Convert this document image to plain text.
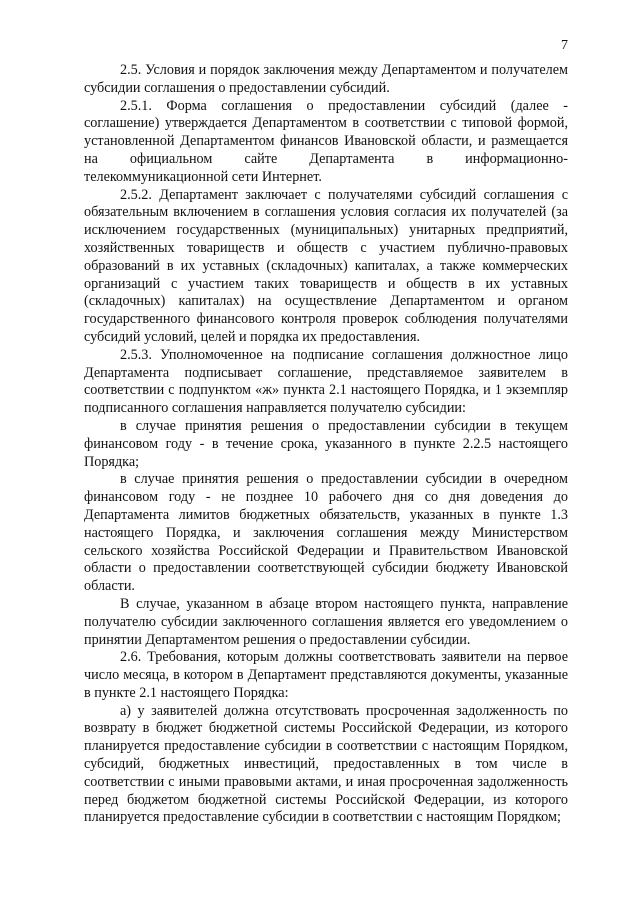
7

2.5. Условия и порядок заключения между Департаментом и получателем субсидии соглашения о предоставлении субсидий.

2.5.1. Форма соглашения о предоставлении субсидий (далее - соглашение) утверждается Департаментом в соответствии с типовой формой, установленной Департаментом финансов Ивановской области, и размещается на официальном сайте Департамента в информационно-телекоммуникационной сети Интернет.

2.5.2. Департамент заключает с получателями субсидий соглашения с обязательным включением в соглашения условия согласия их получателей (за исключением государственных (муниципальных) унитарных предприятий, хозяйственных товариществ и обществ с участием публично-правовых образований в их уставных (складочных) капиталах, а также коммерческих организаций с участием таких товариществ и обществ в их уставных (складочных) капиталах) на осуществление Департаментом и органом государственного финансового контроля проверок соблюдения получателями субсидий условий, целей и порядка их предоставления.

2.5.3. Уполномоченное на подписание соглашения должностное лицо Департамента подписывает соглашение, представляемое заявителем в соответствии с подпунктом «ж» пункта 2.1 настоящего Порядка, и 1 экземпляр подписанного соглашения направляется получателю субсидии:

в случае принятия решения о предоставлении субсидии в текущем финансовом году - в течение срока, указанного в пункте 2.2.5 настоящего Порядка;

в случае принятия решения о предоставлении субсидии в очередном финансовом году - не позднее 10 рабочего дня со дня доведения до Департамента лимитов бюджетных обязательств, указанных в пункте 1.3 настоящего Порядка, и заключения соглашения между Министерством сельского хозяйства Российской Федерации и Правительством Ивановской области о предоставлении соответствующей субсидии бюджету Ивановской области.

В случае, указанном в абзаце втором настоящего пункта, направление получателю субсидии заключенного соглашения является его уведомлением о принятии Департаментом решения о предоставлении субсидии.

2.6. Требования, которым должны соответствовать заявители на первое число месяца, в котором в Департамент представляются документы, указанные в пункте 2.1 настоящего Порядка:

а) у заявителей должна отсутствовать просроченная задолженность по возврату в бюджет бюджетной системы Российской Федерации, из которого планируется предоставление субсидии в соответствии с настоящим Порядком, субсидий, бюджетных инвестиций, предоставленных в том числе в соответствии с иными правовыми актами, и иная просроченная задолженность перед бюджетом бюджетной системы Российской Федерации, из которого планируется предоставление субсидии в соответствии с настоящим Порядком;
